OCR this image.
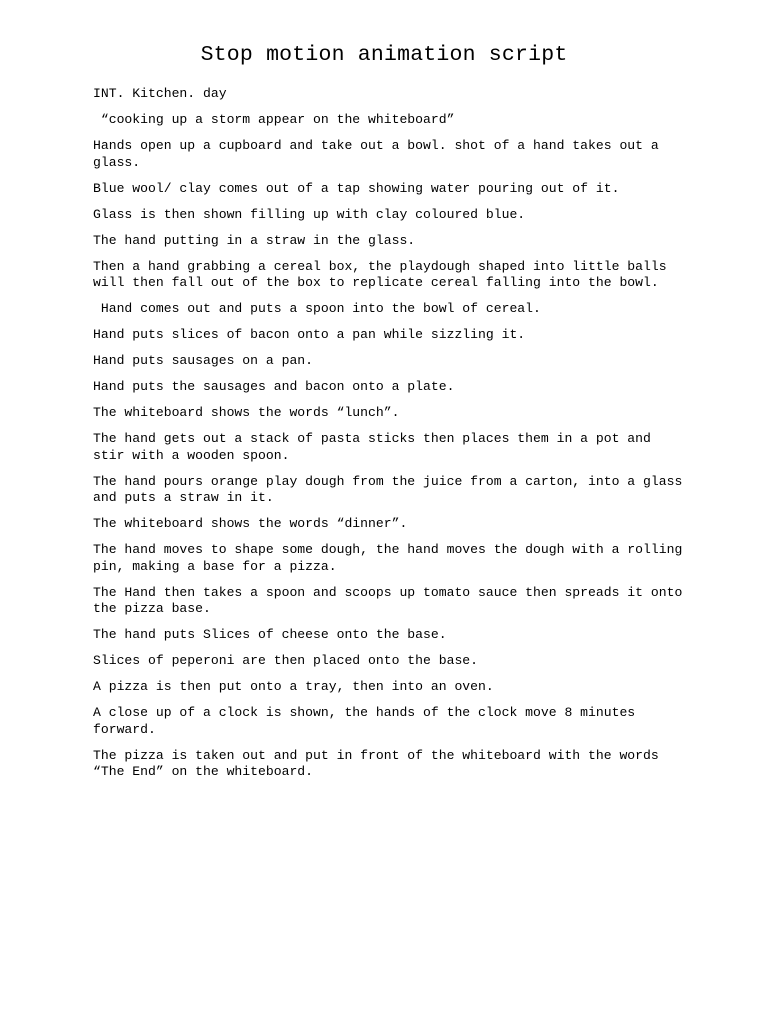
Stop motion animation script

INT. Kitchen. day

“cooking up a storm appear on the whiteboard”

Hands open up a cupboard and take out a bowl. shot of a hand takes out a glass.

Blue wool/ clay comes out of a tap showing water pouring out of it.

Glass is then shown filling up with clay coloured blue.

The hand putting in a straw in the glass.

Then a hand grabbing a cereal box, the playdough shaped into little balls will then fall out of the box to replicate cereal falling into the bowl.

Hand comes out and puts a spoon into the bowl of cereal.

Hand puts slices of bacon onto a pan while sizzling it.

Hand puts sausages on a pan.

Hand puts the sausages and bacon onto a plate.

The whiteboard shows the words “lunch”.

The hand gets out a stack of pasta sticks then places them in a pot and stir with a wooden spoon.

The hand pours orange play dough from the juice from a carton, into a glass and puts a straw in it.

The whiteboard shows the words “dinner”.

The hand moves to shape some dough, the hand moves the dough with a rolling pin, making a base for a pizza.

The Hand then takes a spoon and scoops up tomato sauce then spreads it onto the pizza base.

The hand puts Slices of cheese onto the base.

Slices of peperoni are then placed onto the base.

A pizza is then put onto a tray, then into an oven.

A close up of a clock is shown, the hands of the clock move 8 minutes forward.

The pizza is taken out and put in front of the whiteboard with the words “The End” on the whiteboard.
